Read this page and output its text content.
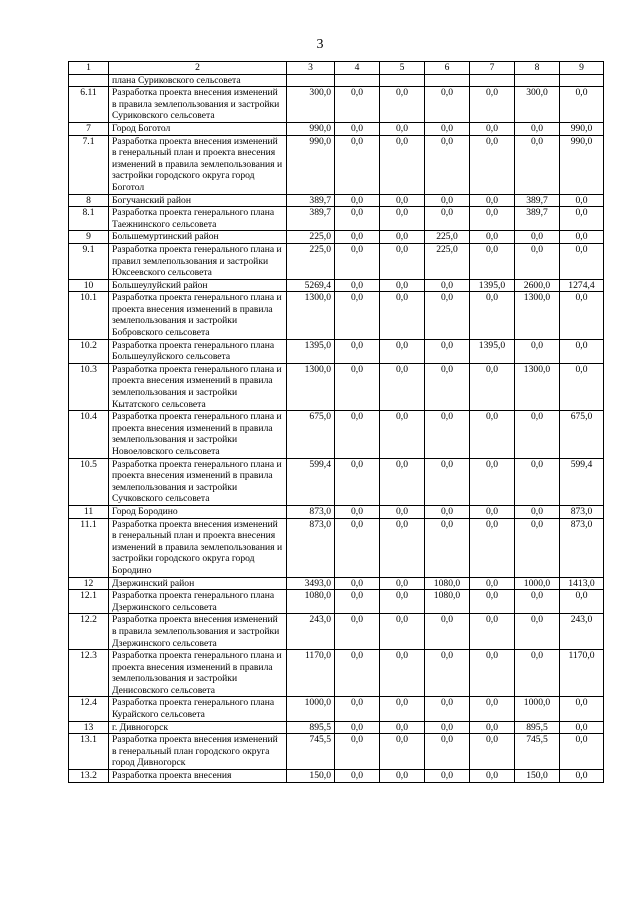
3
1	2	3	4	5	6	7	8	9
	плана Суриковского сельсовета							
6.11	Разработка проекта внесения изменений в правила землепользования и застройки Суриковского сельсовета	300,0	0,0	0,0	0,0	0,0	300,0	0,0
7	Город Боготол	990,0	0,0	0,0	0,0	0,0	0,0	990,0
7.1	Разработка проекта внесения изменений в генеральный план и проекта внесения изменений в правила землепользования и застройки городского округа город Боготол	990,0	0,0	0,0	0,0	0,0	0,0	990,0
8	Богучанский район	389,7	0,0	0,0	0,0	0,0	389,7	0,0
8.1	Разработка проекта генерального плана Таежнинского сельсовета	389,7	0,0	0,0	0,0	0,0	389,7	0,0
9	Большемуртинский район	225,0	0,0	0,0	225,0	0,0	0,0	0,0
9.1	Разработка проекта генерального плана и правил землепользования и застройки Юксеевского сельсовета	225,0	0,0	0,0	225,0	0,0	0,0	0,0
10	Большеулуйский район	5269,4	0,0	0,0	0,0	1395,0	2600,0	1274,4
10.1	Разработка проекта генерального плана и проекта внесения изменений в правила землепользования и застройки Бобровского сельсовета	1300,0	0,0	0,0	0,0	0,0	1300,0	0,0
10.2	Разработка проекта генерального плана Большеулуйского сельсовета	1395,0	0,0	0,0	0,0	1395,0	0,0	0,0
10.3	Разработка проекта генерального плана и проекта внесения изменений в правила землепользования и застройки Кытатского сельсовета	1300,0	0,0	0,0	0,0	0,0	1300,0	0,0
10.4	Разработка проекта генерального плана и проекта внесения изменений в правила землепользования и застройки Новоеловского сельсовета	675,0	0,0	0,0	0,0	0,0	0,0	675,0
10.5	Разработка проекта генерального плана и проекта внесения изменений в правила землепользования и застройки Сучковского сельсовета	599,4	0,0	0,0	0,0	0,0	0,0	599,4
11	Город Бородино	873,0	0,0	0,0	0,0	0,0	0,0	873,0
11.1	Разработка проекта внесения изменений в генеральный план и проекта внесения изменений в правила землепользования и застройки городского округа город Бородино	873,0	0,0	0,0	0,0	0,0	0,0	873,0
12	Дзержинский район	3493,0	0,0	0,0	1080,0	0,0	1000,0	1413,0
12.1	Разработка проекта генерального плана Дзержинского сельсовета	1080,0	0,0	0,0	1080,0	0,0	0,0	0,0
12.2	Разработка проекта внесения изменений в правила землепользования и застройки Дзержинского сельсовета	243,0	0,0	0,0	0,0	0,0	0,0	243,0
12.3	Разработка проекта генерального плана и проекта внесения изменений в правила землепользования и застройки Денисовского сельсовета	1170,0	0,0	0,0	0,0	0,0	0,0	1170,0
12.4	Разработка проекта генерального плана Курайского сельсовета	1000,0	0,0	0,0	0,0	0,0	1000,0	0,0
13	г. Дивногорск	895,5	0,0	0,0	0,0	0,0	895,5	0,0
13.1	Разработка проекта внесения изменений в генеральный план городского округа город Дивногорск	745,5	0,0	0,0	0,0	0,0	745,5	0,0
13.2	Разработка проекта внесения	150,0	0,0	0,0	0,0	0,0	150,0	0,0
